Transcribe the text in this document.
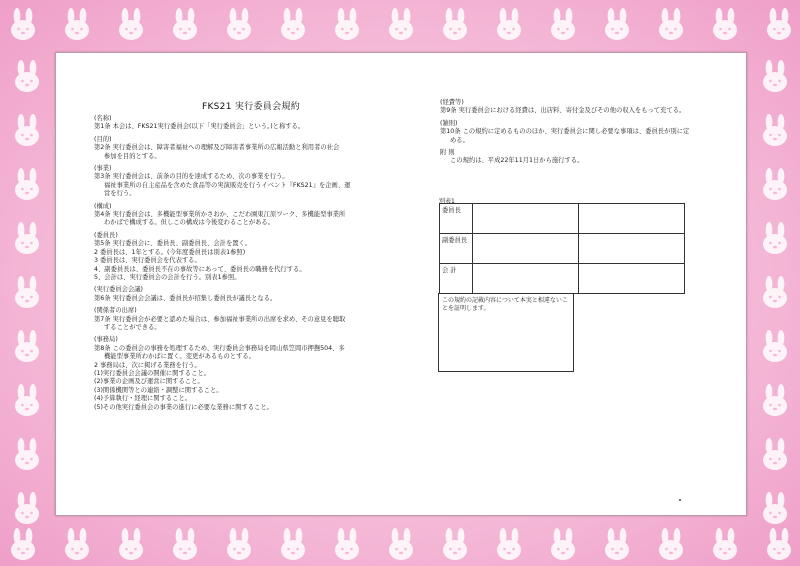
FKS21 実行委員会規約
(名称)
第1条 本会は、FKS21実行委員会(以下「実行委員会」という。)と称する。
(目的)
第2条 実行委員会は、障害者福祉への理解及び障害者事業所の広報活動と利用者の社会
参加を目的とする。
(事業)
第3条 実行委員会は、前条の目的を達成するため、次の事業を行う。
福祉事業所の自主産品を含めた食品等の実演販売を行うイベント『FKS21』を企画、運
営を行う。
(構成)
第4条 実行委員会は、多機能型事業所かさおか、こだわ園東江原ワーク、多機能型事業所
わかばで構成する。但しこの構成は今後変わることがある。
(委員長)
第5条 実行委員会に、委員長、副委員長、会計を置く。
2 委員長は、1年とする。(今年度委員長は別表1参照)
3 委員長は、実行委員会を代表する。
4、副委員長は、委員長不在の事故等にあって、委員長の職務を代行する。
5、会計は、実行委員会の会計を行う。別表1参照。
(実行委員会会議)
第6条 実行委員会会議は、委員長が招集し委員長が議長となる。
(関係者の出席)
第7条 実行委員会が必要と認めた場合は、参加福祉事業所の出席を求め、その意見を聴取
することができる。
(事務局)
第8条 この委員会の事務を処理するため、実行委員会事務局を岡山県笠岡市押撫504、多
機能型事業所わかばに置く。変更があるものとする。
2 事務局は、次に掲げる業務を行う。
(1)実行委員会会議の開催に関すること。
(2)事業の企画及び運営に関すること。
(3)関係機関等との連絡・調整に関すること。
(4)予算執行・経理に関すること。
(5)その他実行委員会の事業の進行に必要な業務に関すること。
(経費等)
第9条 実行委員会における経費は、出店料、寄付金及びその他の収入をもって充てる。
(雑則)
第10条 この規約に定めるもののほか、実行委員会に関し必要な事項は、委員長が別に定
める。
附 則
この規約は、平成22年11月1日から施行する。
別表1
委員長		
副委員長		
会 計		
この規約の記載内容について本実と相違ないことを証明します。
